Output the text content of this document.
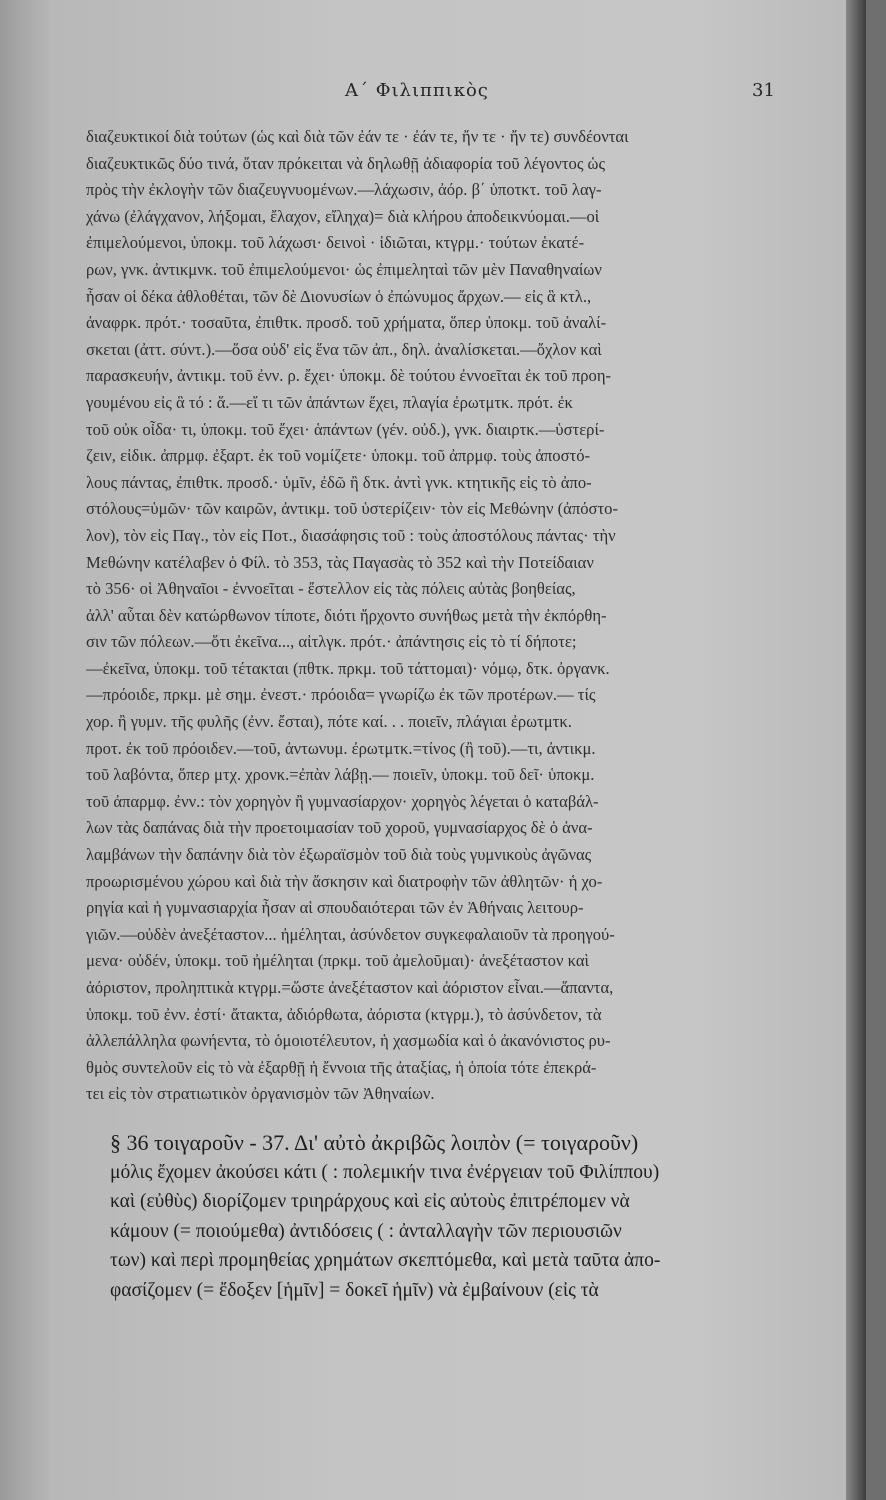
Α΄ Φιλιππικὸς	31
διαζευκτικοί διὰ τούτων (ὡς καὶ διὰ τῶν ἐάν τε · ἐάν τε, ἤν τε · ἤν τε) συνδέονται
διαζευκτικῶς δύο τινά, ὅταν πρόκειται νὰ δηλωθῇ ἀδιαφορία τοῦ λέγοντος ὡς
πρὸς τὴν ἐκλογὴν τῶν διαζευγνυομένων.—λάχωσιν, ἀόρ. β΄ ὑποτκτ. τοῦ λαγ-
χάνω (ἐλάγχανον, λήξομαι, ἔλαχον, εἴληχα)= διὰ κλήρου ἀποδεικνύομαι.—οἱ
ἐπιμελούμενοι, ὑποκμ. τοῦ λάχωσι· δεινοὶ · ἰδιῶται, κτγρμ.· τούτων ἑκατέ-
ρων, γνκ. ἀντικμνκ. τοῦ ἐπιμελούμενοι· ὡς ἐπιμεληταὶ τῶν μὲν Παναθηναίων
ἦσαν οἱ δέκα ἀθλοθέται, τῶν δὲ Διονυσίων ὁ ἐπώνυμος ἄρχων.— εἰς ἃ κτλ.,
ἀναφρκ. πρότ.· τοσαῦτα, ἐπιθτκ. προσδ. τοῦ χρήματα, ὅπερ ὑποκμ. τοῦ ἀναλί-
σκεται (ἀττ. σύντ.).—ὅσα οὐδ' εἰς ἕνα τῶν ἀπ., δηλ. ἀναλίσκεται.—ὄχλον καὶ
παρασκευήν, ἀντικμ. τοῦ ἐνν. ρ. ἔχει· ὑποκμ. δὲ τούτου ἐννοεῖται ἐκ τοῦ προη-
γουμένου εἰς ἃ τό : ἅ.—εἴ τι τῶν ἁπάντων ἔχει, πλαγία ἐρωτμτκ. πρότ. ἐκ
τοῦ οὐκ οἶδα· τι, ὑποκμ. τοῦ ἔχει· ἁπάντων (γέν. οὐδ.), γνκ. διαιρτκ.—ὑστερί-
ζειν, εἰδικ. ἀπρμφ. ἐξαρτ. ἐκ τοῦ νομίζετε· ὑποκμ. τοῦ ἀπρμφ. τοὺς ἀποστό-
λους πάντας, ἐπιθτκ. προσδ.· ὑμῖν, ἐδῶ ἢ δτκ. ἀντὶ γνκ. κτητικῆς εἰς τὸ ἀπο-
στόλους=ὑμῶν· τῶν καιρῶν, ἀντικμ. τοῦ ὑστερίζειν· τὸν εἰς Μεθώνην (ἀπόστο-
λον), τὸν εἰς Παγ., τὸν εἰς Ποτ., διασάφησις τοῦ : τοὺς ἀποστόλους πάντας· τὴν
Μεθώνην κατέλαβεν ὁ Φίλ. τὸ 353, τὰς Παγασὰς τὸ 352 καὶ τὴν Ποτείδαιαν
τὸ 356· οἱ Ἀθηναῖοι - ἐννοεῖται - ἔστελλον εἰς τὰς πόλεις αὐτὰς βοηθείας,
ἀλλ' αὗται δὲν κατώρθωνον τίποτε, διότι ἤρχοντο συνήθως μετὰ τὴν ἐκπόρθη-
σιν τῶν πόλεων.—ὅτι ἐκεῖνα..., αἰτλγκ. πρότ.· ἀπάντησις εἰς τὸ τί δήποτε;
—ἐκεῖνα, ὑποκμ. τοῦ τέτακται (πθτκ. πρκμ. τοῦ τάττομαι)· νόμῳ, δτκ. ὀργανκ.
—πρόοιδε, πρκμ. μὲ σημ. ἐνεστ.· πρόοιδα= γνωρίζω ἐκ τῶν προτέρων.— τίς
χορ. ἢ γυμν. τῆς φυλῆς (ἐνν. ἔσται), πότε καί. . . ποιεῖν, πλάγιαι ἐρωτμτκ.
προτ. ἐκ τοῦ πρόοιδεν.—τοῦ, ἀντωνυμ. ἐρωτμτκ.=τίνος (ἢ τοῦ).—τι, ἀντικμ.
τοῦ λαβόντα, ὅπερ μτχ. χρονκ.=ἐπὰν λάβῃ.— ποιεῖν, ὑποκμ. τοῦ δεῖ· ὑποκμ.
τοῦ ἀπαρμφ. ἐνν.: τὸν χορηγὸν ἢ γυμνασίαρχον· χορηγὸς λέγεται ὁ καταβάλ-
λων τὰς δαπάνας διὰ τὴν προετοιμασίαν τοῦ χοροῦ, γυμνασίαρχος δὲ ὁ ἀνα-
λαμβάνων τὴν δαπάνην διὰ τὸν ἐξωραϊσμὸν τοῦ διὰ τοὺς γυμνικοὺς ἀγῶνας
προωρισμένου χώρου καὶ διὰ τὴν ἄσκησιν καὶ διατροφὴν τῶν ἀθλητῶν· ἡ χο-
ρηγία καὶ ἡ γυμνασιαρχία ἦσαν αἱ σπουδαιότεραι τῶν ἐν Ἀθήναις λειτουρ-
γιῶν.—οὐδὲν ἀνεξέταστον... ἠμέληται, ἀσύνδετον συγκεφαλαιοῦν τὰ προηγού-
μενα· οὐδέν, ὑποκμ. τοῦ ἠμέληται (πρκμ. τοῦ ἀμελοῦμαι)· ἀνεξέταστον καὶ
ἀόριστον, προληπτικὰ κτγρμ.=ὥστε ἀνεξέταστον καὶ ἀόριστον εἶναι.—ἅπαντα,
ὑποκμ. τοῦ ἐνν. ἐστί· ἄτακτα, ἀδιόρθωτα, ἀόριστα (κτγρμ.), τὸ ἀσύνδετον, τὰ
ἀλλεπάλληλα φωνήεντα, τὸ ὁμοιοτέλευτον, ἡ χασμωδία καὶ ὁ ἀκανόνιστος ρυ-
θμὸς συντελοῦν εἰς τὸ νὰ ἐξαρθῇ ἡ ἔννοια τῆς ἀταξίας, ἡ ὁποία τότε ἐπεκρά-
τει εἰς τὸν στρατιωτικὸν ὀργανισμὸν τῶν Ἀθηναίων.
§ 36 τοιγαροῦν - 37. Δι' αὐτὸ ἀκριβῶς λοιπὸν (= τοιγαροῦν)
μόλις ἔχομεν ἀκούσει κάτι ( : πολεμικήν τινα ἐνέργειαν τοῦ Φιλίππου)
καὶ (εὐθὺς) διορίζομεν τριηράρχους καὶ εἰς αὐτοὺς ἐπιτρέπομεν νὰ
κάμουν (= ποιούμεθα) ἀντιδόσεις ( : ἀνταλλαγὴν τῶν περιουσιῶν
των) καὶ περὶ προμηθείας χρημάτων σκεπτόμεθα, καὶ μετὰ ταῦτα ἀπο-
φασίζομεν (= ἔδοξεν [ἡμῖν] = δοκεῖ ἡμῖν) νὰ ἐμβαίνουν (εἰς τὰ
